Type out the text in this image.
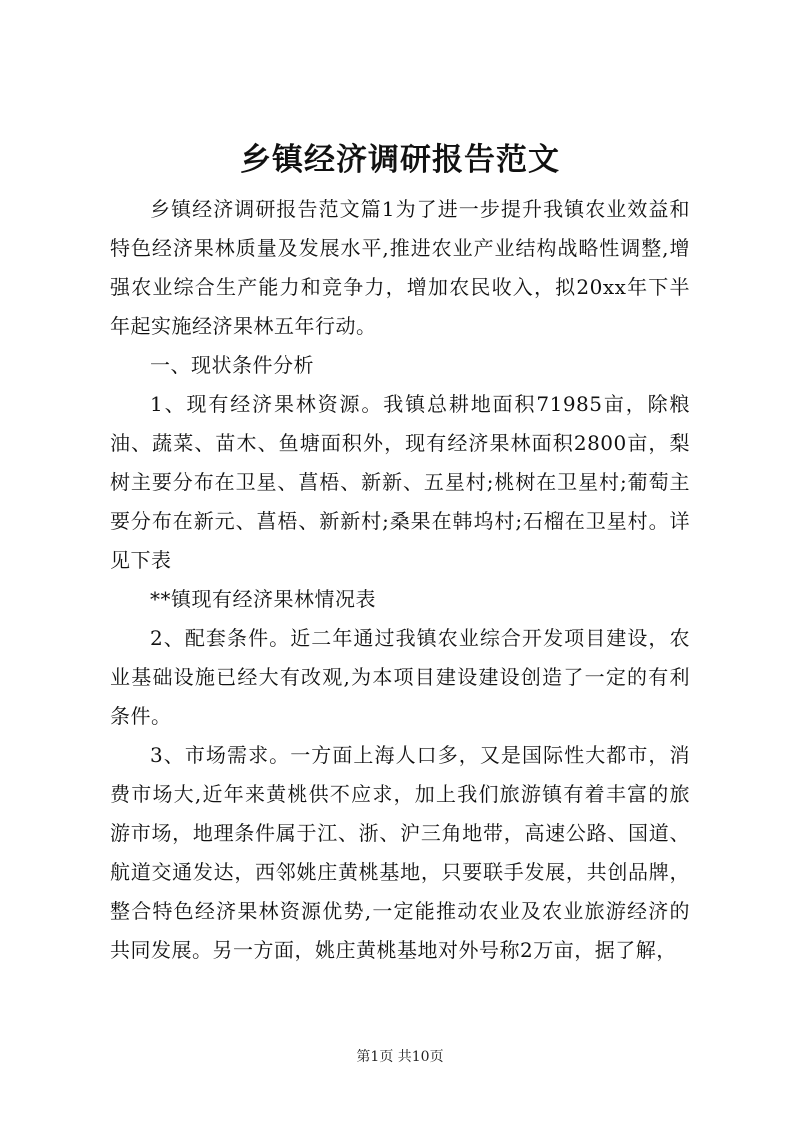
乡镇经济调研报告范文

乡镇经济调研报告范文篇1为了进一步提升我镇农业效益和特色经济果林质量及发展水平,推进农业产业结构战略性调整,增强农业综合生产能力和竞争力，增加农民收入，拟20xx年下半年起实施经济果林五年行动。

一、现状条件分析

1、现有经济果林资源。我镇总耕地面积71985亩，除粮油、蔬菜、苗木、鱼塘面积外，现有经济果林面积2800亩，梨树主要分布在卫星、菖梧、新新、五星村;桃树在卫星村;葡萄主要分布在新元、菖梧、新新村;桑果在韩坞村;石榴在卫星村。详见下表

**镇现有经济果林情况表

2、配套条件。近二年通过我镇农业综合开发项目建设，农业基础设施已经大有改观,为本项目建设建设创造了一定的有利条件。

3、市场需求。一方面上海人口多，又是国际性大都市，消费市场大,近年来黄桃供不应求，加上我们旅游镇有着丰富的旅游市场，地理条件属于江、浙、沪三角地带，高速公路、国道、航道交通发达，西邻姚庄黄桃基地，只要联手发展，共创品牌，整合特色经济果林资源优势,一定能推动农业及农业旅游经济的共同发展。另一方面，姚庄黄桃基地对外号称2万亩，据了解，

第1页 共10页
